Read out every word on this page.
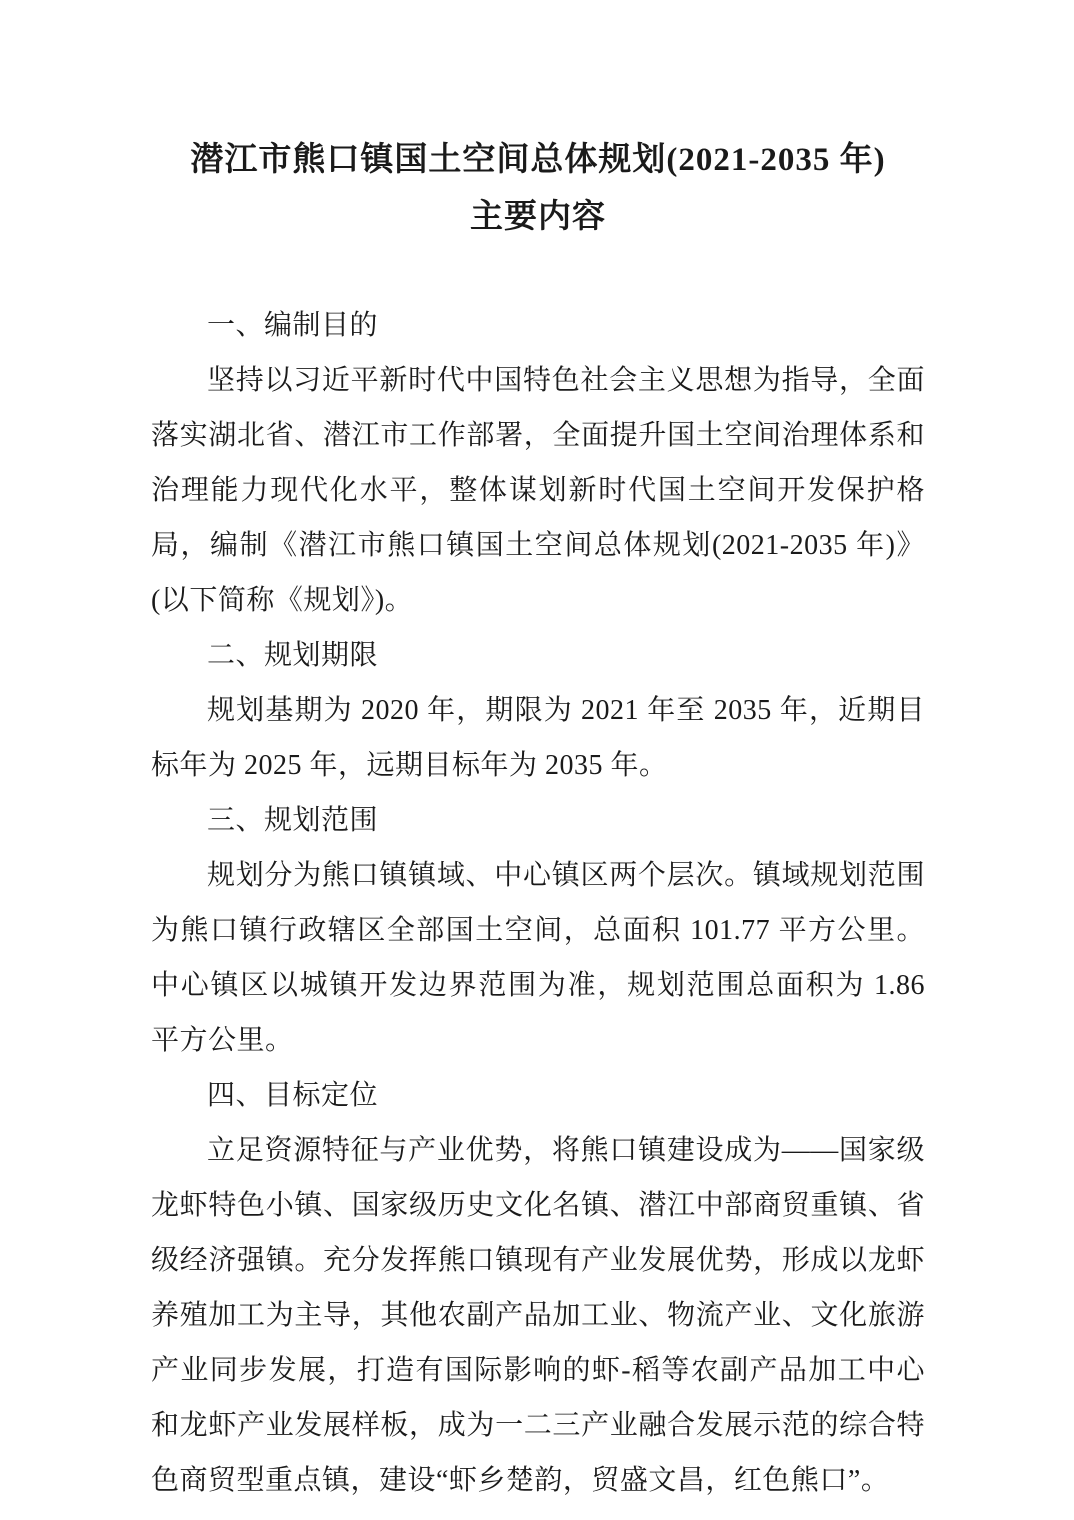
潜江市熊口镇国土空间总体规划(2021-2035 年)
主要内容

一、编制目的

坚持以习近平新时代中国特色社会主义思想为指导，全面落实湖北省、潜江市工作部署，全面提升国土空间治理体系和治理能力现代化水平，整体谋划新时代国土空间开发保护格局，编制《潜江市熊口镇国土空间总体规划(2021-2035 年)》(以下简称《规划》)。

二、规划期限

规划基期为 2020 年，期限为 2021 年至 2035 年，近期目标年为 2025 年，远期目标年为 2035 年。

三、规划范围

规划分为熊口镇镇域、中心镇区两个层次。镇域规划范围为熊口镇行政辖区全部国土空间，总面积 101.77 平方公里。中心镇区以城镇开发边界范围为准，规划范围总面积为 1.86 平方公里。

四、目标定位

立足资源特征与产业优势，将熊口镇建设成为——国家级龙虾特色小镇、国家级历史文化名镇、潜江中部商贸重镇、省级经济强镇。充分发挥熊口镇现有产业发展优势，形成以龙虾养殖加工为主导，其他农副产品加工业、物流产业、文化旅游产业同步发展，打造有国际影响的虾-稻等农副产品加工中心和龙虾产业发展样板，成为一二三产业融合发展示范的综合特色商贸型重点镇，建设“虾乡楚韵，贸盛文昌，红色熊口”。
